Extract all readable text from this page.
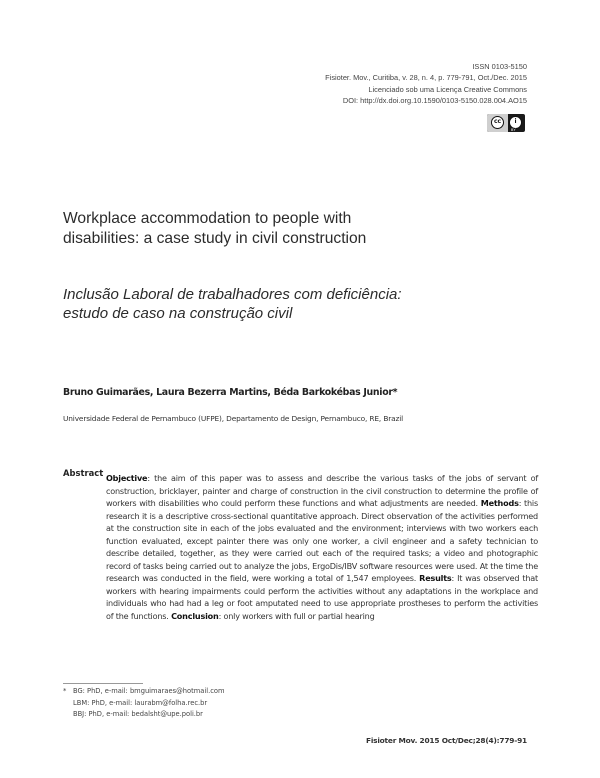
ISSN 0103-5150
Fisioter. Mov., Curitiba, v. 28, n. 4, p. 779-791, Oct./Dec. 2015
Licenciado sob uma Licença Creative Commons
DOI: http://dx.doi.org.10.1590/0103-5150.028.004.AO15
cc	i
BY
Workplace accommodation to people with
disabilities: a case study in civil construction
Inclusão Laboral de trabalhadores com deficiência:
estudo de caso na construção civil
Bruno Guimarães, Laura Bezerra Martins, Béda Barkokébas Junior*
Universidade Federal de Pernambuco (UFPE), Departamento de Design, Pernambuco, RE, Brazil
Abstract Objective: the aim of this paper was to assess and describe the various tasks of the jobs of servant of construction, bricklayer, painter and charge of construction in the civil construction to determine the profile of workers with disabilities who could perform these functions and what adjustments are needed. Methods: this research it is a descriptive cross-sectional quantitative approach. Direct observation of the activities performed at the construction site in each of the jobs evaluated and the environment; interviews with two workers each function evaluated, except painter there was only one worker, a civil engineer and a safety technician to describe detailed, together, as they were carried out each of the required tasks; a video and photographic record of tasks being carried out to analyze the jobs, ErgoDis/IBV software resources were used. At the time the research was conducted in the field, were working a total of 1,547 employees. Results: It was observed that workers with hearing impairments could perform the activities without any adaptations in the workplace and individuals who had had a leg or foot amputated need to use appropriate prostheses to perform the activities of the functions. Conclusion: only workers with full or partial hearing
* BG: PhD, e-mail: bmguimaraes@hotmail.com
LBM: PhD, e-mail: laurabm@folha.rec.br
BBJ: PhD, e-mail: bedalsht@upe.poli.br
Fisioter Mov. 2015 Oct/Dec;28(4):779-91
